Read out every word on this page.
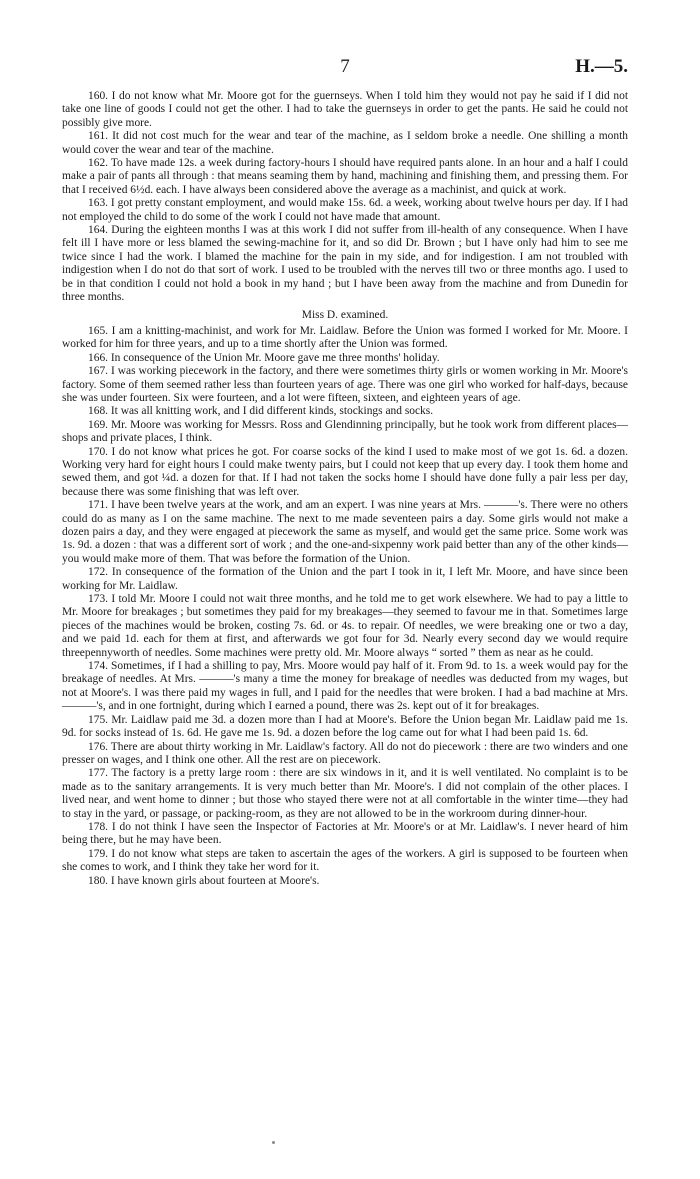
7	H.—5.

160. I do not know what Mr. Moore got for the guernseys. When I told him they would not pay he said if I did not take one line of goods I could not get the other. I had to take the guernseys in order to get the pants. He said he could not possibly give more.

161. It did not cost much for the wear and tear of the machine, as I seldom broke a needle. One shilling a month would cover the wear and tear of the machine.

162. To have made 12s. a week during factory-hours I should have required pants alone. In an hour and a half I could make a pair of pants all through : that means seaming them by hand, machining and finishing them, and pressing them. For that I received 6½d. each. I have always been considered above the average as a machinist, and quick at work.

163. I got pretty constant employment, and would make 15s. 6d. a week, working about twelve hours per day. If I had not employed the child to do some of the work I could not have made that amount.

164. During the eighteen months I was at this work I did not suffer from ill-health of any consequence. When I have felt ill I have more or less blamed the sewing-machine for it, and so did Dr. Brown ; but I have only had him to see me twice since I had the work. I blamed the machine for the pain in my side, and for indigestion. I am not troubled with indigestion when I do not do that sort of work. I used to be troubled with the nerves till two or three months ago. I used to be in that condition I could not hold a book in my hand ; but I have been away from the machine and from Dunedin for three months.

Miss D. examined.

165. I am a knitting-machinist, and work for Mr. Laidlaw. Before the Union was formed I worked for Mr. Moore. I worked for him for three years, and up to a time shortly after the Union was formed.

166. In consequence of the Union Mr. Moore gave me three months' holiday.

167. I was working piecework in the factory, and there were sometimes thirty girls or women working in Mr. Moore's factory. Some of them seemed rather less than fourteen years of age. There was one girl who worked for half-days, because she was under fourteen. Six were fourteen, and a lot were fifteen, sixteen, and eighteen years of age.

168. It was all knitting work, and I did different kinds, stockings and socks.

169. Mr. Moore was working for Messrs. Ross and Glendinning principally, but he took work from different places—shops and private places, I think.

170. I do not know what prices he got. For coarse socks of the kind I used to make most of we got 1s. 6d. a dozen. Working very hard for eight hours I could make twenty pairs, but I could not keep that up every day. I took them home and sewed them, and got ¼d. a dozen for that. If I had not taken the socks home I should have done fully a pair less per day, because there was some finishing that was left over.

171. I have been twelve years at the work, and am an expert. I was nine years at Mrs. ———'s. There were no others could do as many as I on the same machine. The next to me made seventeen pairs a day. Some girls would not make a dozen pairs a day, and they were engaged at piecework the same as myself, and would get the same price. Some work was 1s. 9d. a dozen : that was a different sort of work ; and the one-and-sixpenny work paid better than any of the other kinds—you would make more of them. That was before the formation of the Union.

172. In consequence of the formation of the Union and the part I took in it, I left Mr. Moore, and have since been working for Mr. Laidlaw.

173. I told Mr. Moore I could not wait three months, and he told me to get work elsewhere. We had to pay a little to Mr. Moore for breakages ; but sometimes they paid for my breakages—they seemed to favour me in that. Sometimes large pieces of the machines would be broken, costing 7s. 6d. or 4s. to repair. Of needles, we were breaking one or two a day, and we paid 1d. each for them at first, and afterwards we got four for 3d. Nearly every second day we would require threepennyworth of needles. Some machines were pretty old. Mr. Moore always “ sorted ” them as near as he could.

174. Sometimes, if I had a shilling to pay, Mrs. Moore would pay half of it. From 9d. to 1s. a week would pay for the breakage of needles. At Mrs. ———'s many a time the money for breakage of needles was deducted from my wages, but not at Moore's. I was there paid my wages in full, and I paid for the needles that were broken. I had a bad machine at Mrs. ———'s, and in one fortnight, during which I earned a pound, there was 2s. kept out of it for breakages.

175. Mr. Laidlaw paid me 3d. a dozen more than I had at Moore's. Before the Union began Mr. Laidlaw paid me 1s. 9d. for socks instead of 1s. 6d. He gave me 1s. 9d. a dozen before the log came out for what I had been paid 1s. 6d.

176. There are about thirty working in Mr. Laidlaw's factory. All do not do piecework : there are two winders and one presser on wages, and I think one other. All the rest are on piecework.

177. The factory is a pretty large room : there are six windows in it, and it is well ventilated. No complaint is to be made as to the sanitary arrangements. It is very much better than Mr. Moore's. I did not complain of the other places. I lived near, and went home to dinner ; but those who stayed there were not at all comfortable in the winter time—they had to stay in the yard, or passage, or packing-room, as they are not allowed to be in the workroom during dinner-hour.

178. I do not think I have seen the Inspector of Factories at Mr. Moore's or at Mr. Laidlaw's. I never heard of him being there, but he may have been.

179. I do not know what steps are taken to ascertain the ages of the workers. A girl is supposed to be fourteen when she comes to work, and I think they take her word for it.

180. I have known girls about fourteen at Moore's.
